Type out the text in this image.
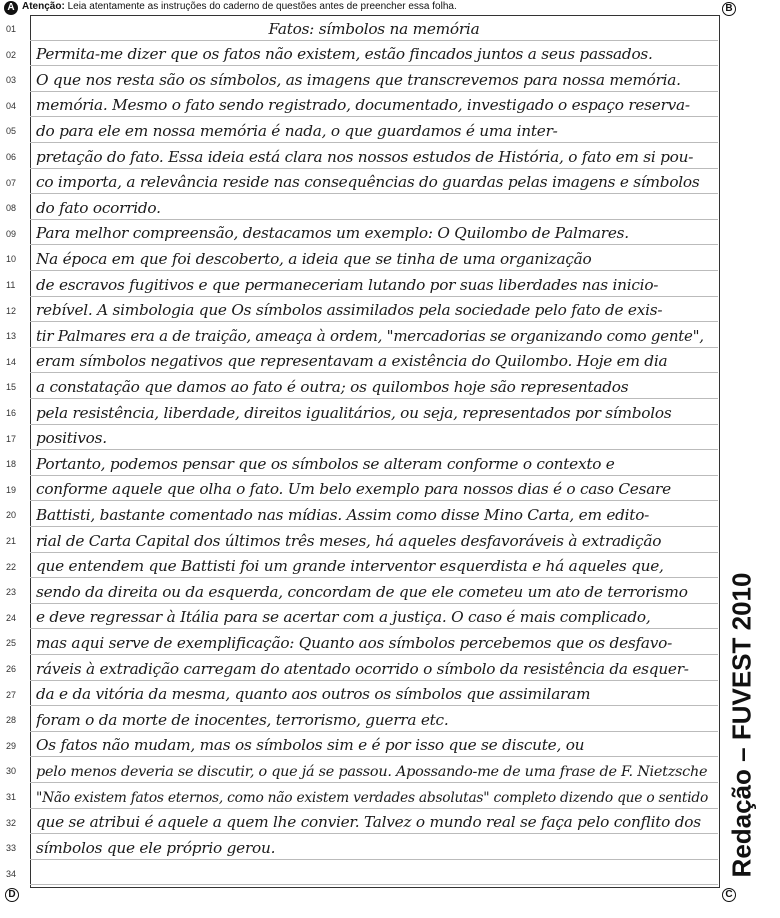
A	B
C
D
Atenção: Leia atentamente as instruções do caderno de questões antes de preencher essa folha.
01	Fatos: símbolos na memória
02 Permita-me dizer que os fatos não existem, estão fincados juntos a seus passados.
03 O que nos resta são os símbolos, as imagens que transcrevemos para nossa memória.
04 memória. Mesmo o fato sendo registrado, documentado, investigado o espaço reserva-
05 do para ele em nossa memória é nada, o que guardamos é uma inter-
06 pretação do fato. Essa ideia está clara nos nossos estudos de História, o fato em si pou-
07 co importa, a relevância reside nas consequências do guardas pelas imagens e símbolos
08 do fato ocorrido.
09 Para melhor compreensão, destacamos um exemplo: O Quilombo de Palmares.
10 Na época em que foi descoberto, a ideia que se tinha de uma organização
11 de escravos fugitivos e que permaneceriam lutando por suas liberdades nas inicio-
12 rebível. A simbologia que Os símbolos assimilados pela sociedade pelo fato de exis-
13 tir Palmares era a de traição, ameaça à ordem, "mercadorias se organizando como gente",
14 eram símbolos negativos que representavam a existência do Quilombo. Hoje em dia
15 a constatação que damos ao fato é outra; os quilombos hoje são representados
16 pela resistência, liberdade, direitos igualitários, ou seja, representados por símbolos
17 positivos.
18 Portanto, podemos pensar que os símbolos se alteram conforme o contexto e
19 conforme aquele que olha o fato. Um belo exemplo para nossos dias é o caso Cesare
20 Battisti, bastante comentado nas mídias. Assim como disse Mino Carta, em edito-
21 rial de Carta Capital dos últimos três meses, há aqueles desfavoráveis à extradição
22 que entendem que Battisti foi um grande interventor esquerdista e há aqueles que,
23 sendo da direita ou da esquerda, concordam de que ele cometeu um ato de terrorismo
24 e deve regressar à Itália para se acertar com a justiça. O caso é mais complicado,
25 mas aqui serve de exemplificação: Quanto aos símbolos percebemos que os desfavo-
26 ráveis à extradição carregam do atentado ocorrido o símbolo da resistência da esquer-
27 da e da vitória da mesma, quanto aos outros os símbolos que assimilaram
28 foram o da morte de inocentes, terrorismo, guerra etc.
29 Os fatos não mudam, mas os símbolos sim e é por isso que se discute, ou
30 pelo menos deveria se discutir, o que já se passou. Apossando-me de uma frase de F. Nietzsche
31 "Não existem fatos eternos, como não existem verdades absolutas" completo dizendo que o sentido
32 que se atribui é aquele a quem lhe convier. Talvez o mundo real se faça pelo conflito dos
33 símbolos que ele próprio gerou.
34	Redação – FUVEST 2010
